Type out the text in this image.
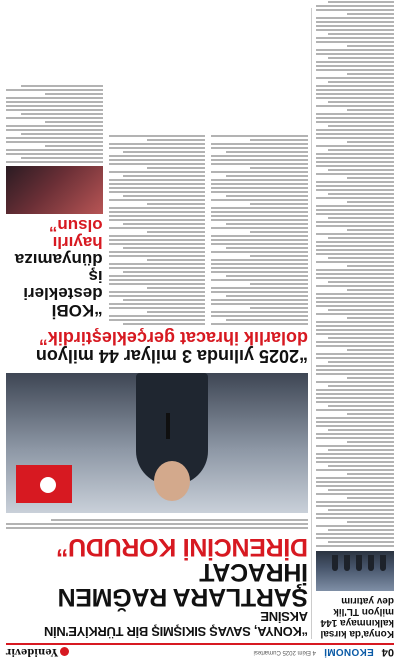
04
EKONOMİ
4 Ekim 2025 Cumartesi
Yenidevir
Konya'da kırsal kalkınmaya 144 milyon TL'lik dev yatırım
“KONYA, SAVAŞ SIKIŞMIŞ BİR TÜRKİYE'NİN AKSİNE
ŞARTLARA RAĞMEN İHRACAT
DİRENCİNİ KORUDU”
“2025 yılında 3 milyar 44 milyon
dolarlık ihracat gerçekleştirdik”
“KOBİ destekleri
iş dünyamıza
hayırlı olsun”
